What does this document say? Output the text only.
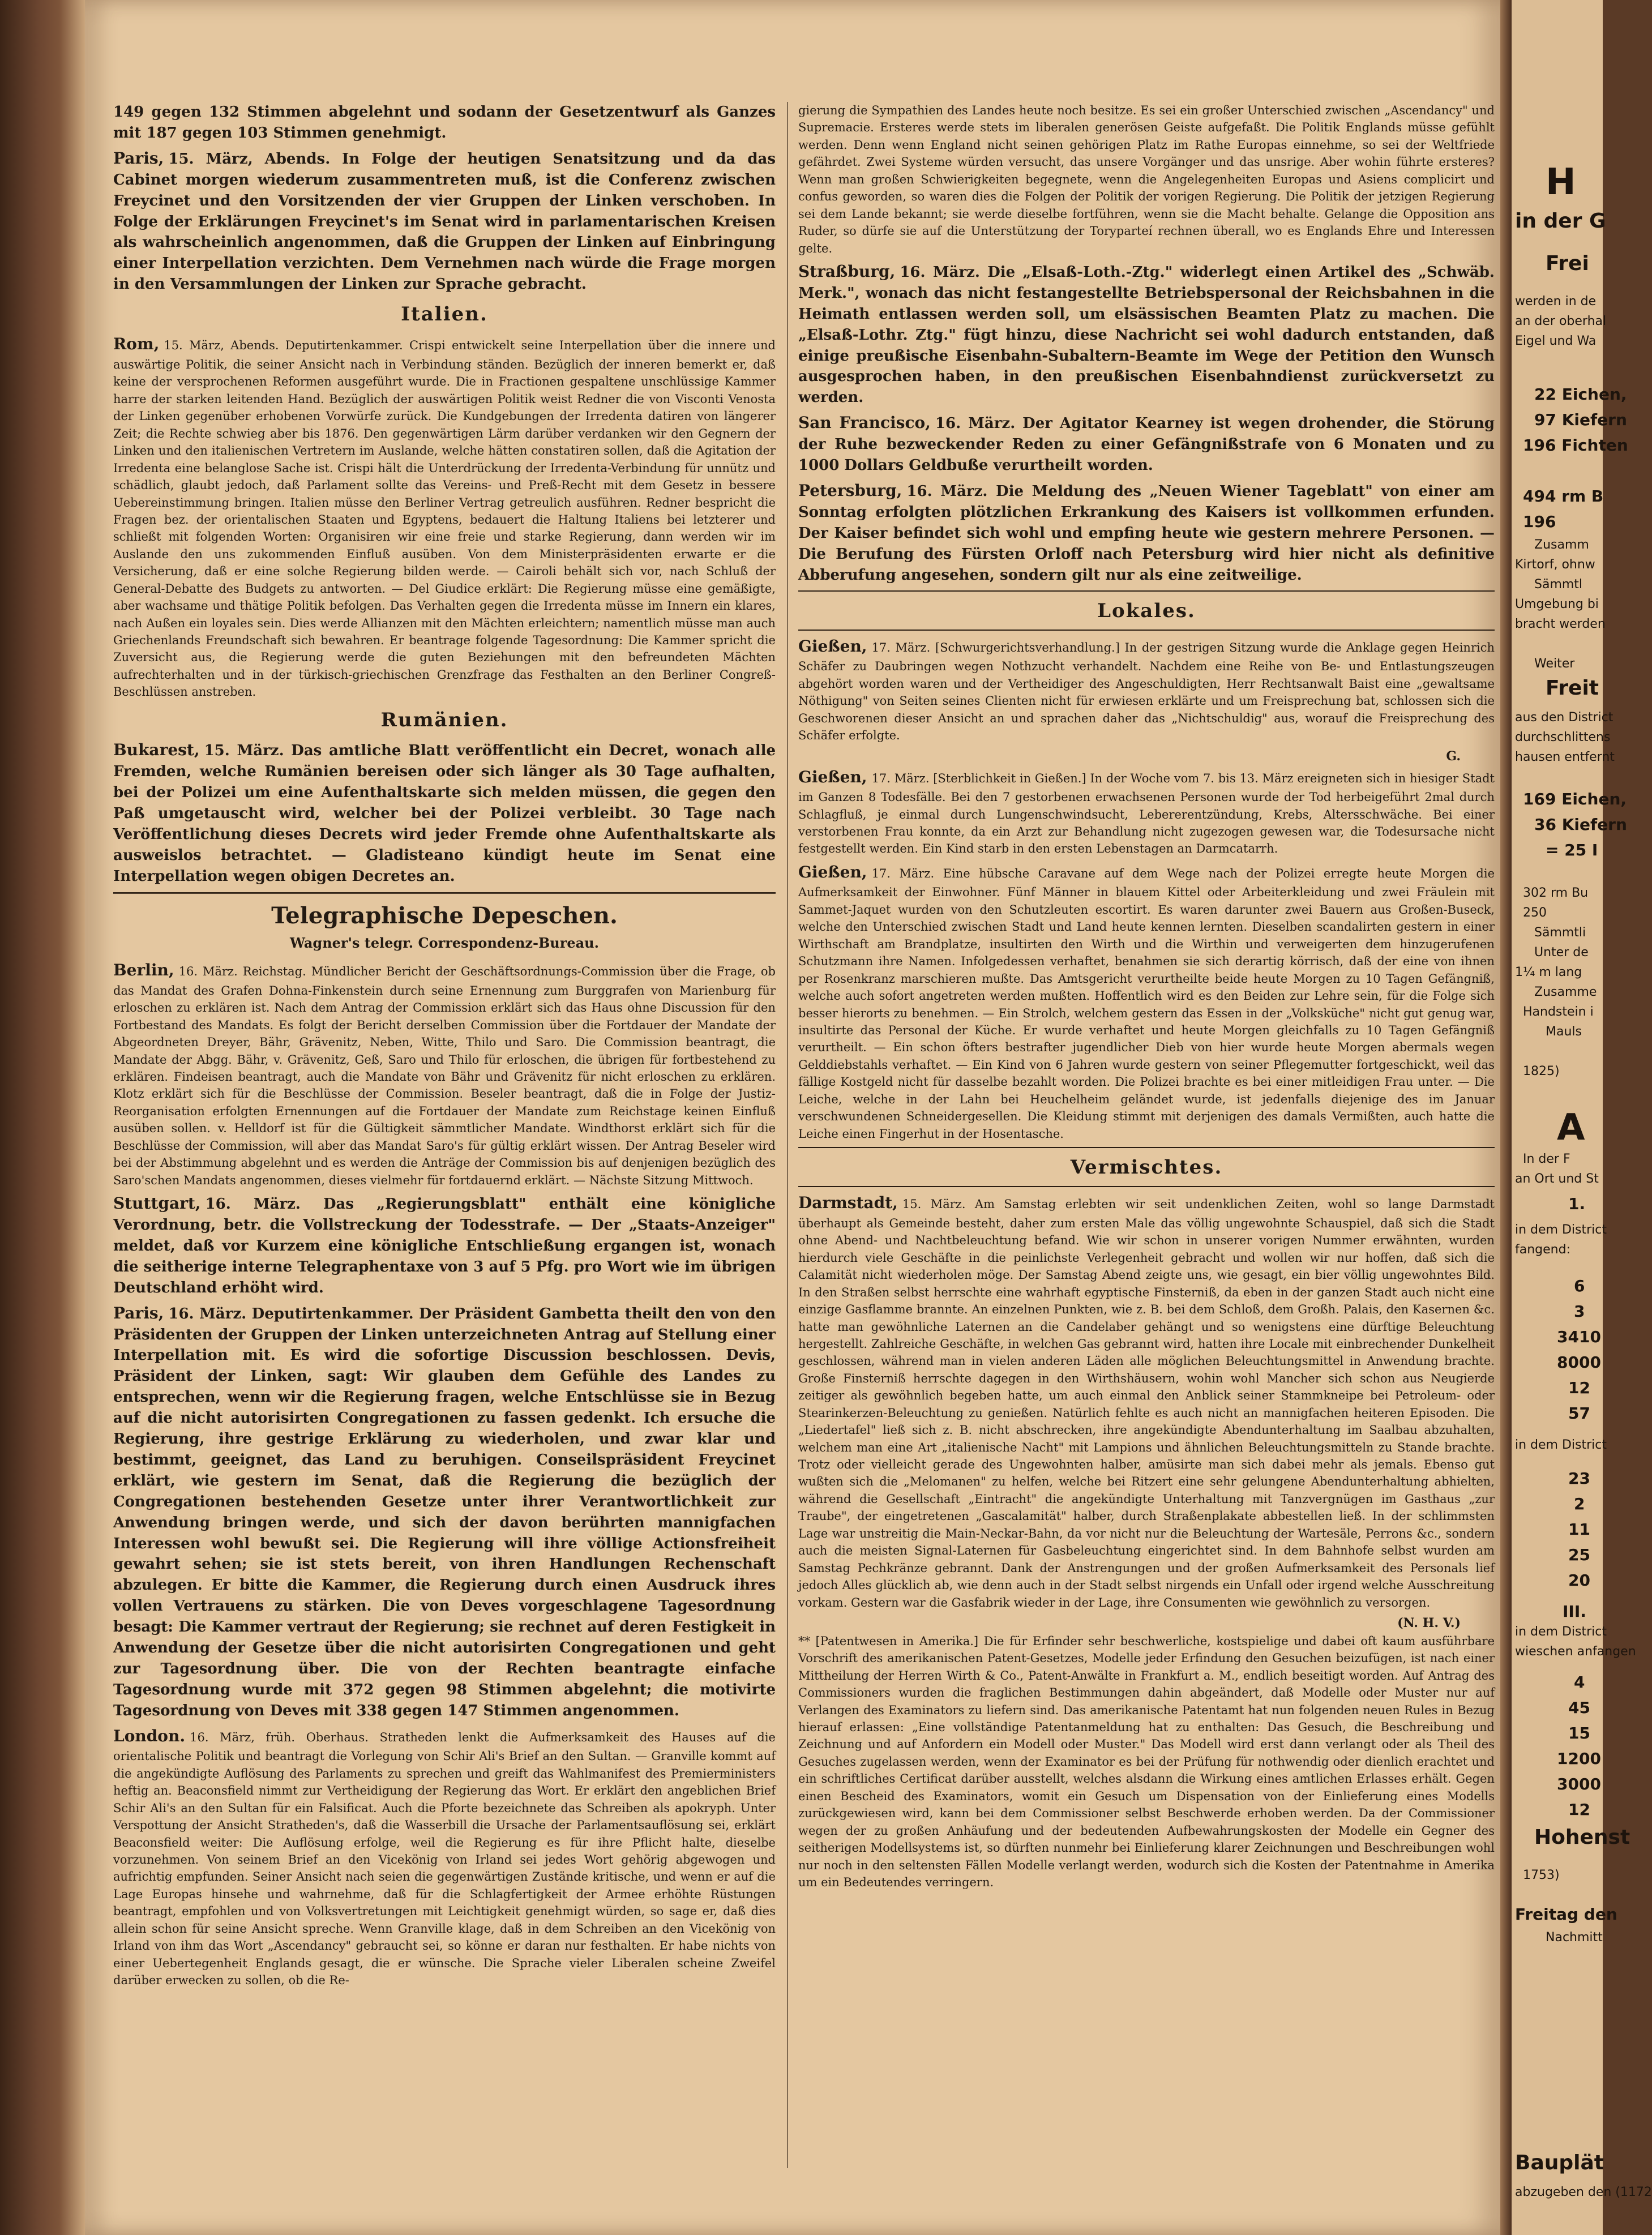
149 gegen 132 Stimmen abgelehnt und sodann der Gesetzentwurf als Ganzes mit 187 gegen 103 Stimmen genehmigt.

Paris, 15. März, Abends. In Folge der heutigen Senatsitzung und da das Cabinet morgen wiederum zusammentreten muß, ist die Conferenz zwischen Freycinet und den Vorsitzenden der vier Gruppen der Linken verschoben. In Folge der Erklärungen Freycinet's im Senat wird in parlamentarischen Kreisen als wahrscheinlich angenommen, daß die Gruppen der Linken auf Einbringung einer Interpellation verzichten. Dem Vernehmen nach würde die Frage morgen in den Versammlungen der Linken zur Sprache gebracht.

Italien.

Rom, 15. März, Abends. Deputirtenkammer. Crispi entwickelt seine Interpellation über die innere und auswärtige Politik, die seiner Ansicht nach in Verbindung ständen. Bezüglich der inneren bemerkt er, daß keine der versprochenen Reformen ausgeführt wurde. Die in Fractionen gespaltene unschlüssige Kammer harre der starken leitenden Hand. Bezüglich der auswärtigen Politik weist Redner die von Visconti Venosta der Linken gegenüber erhobenen Vorwürfe zurück. Die Kundgebungen der Irredenta datiren von längerer Zeit; die Rechte schwieg aber bis 1876. Den gegenwärtigen Lärm darüber verdanken wir den Gegnern der Linken und den italienischen Vertretern im Auslande, welche hätten constatiren sollen, daß die Agitation der Irredenta eine belanglose Sache ist. Crispi hält die Unterdrückung der Irredenta-Verbindung für unnütz und schädlich, glaubt jedoch, daß Parlament sollte das Vereins- und Preß-Recht mit dem Gesetz in bessere Uebereinstimmung bringen. Italien müsse den Berliner Vertrag getreulich ausführen. Redner bespricht die Fragen bez. der orientalischen Staaten und Egyptens, bedauert die Haltung Italiens bei letzterer und schließt mit folgenden Worten: Organisiren wir eine freie und starke Regierung, dann werden wir im Auslande den uns zukommenden Einfluß ausüben. Von dem Ministerpräsidenten erwarte er die Versicherung, daß er eine solche Regierung bilden werde. — Cairoli behält sich vor, nach Schluß der General-Debatte des Budgets zu antworten. — Del Giudice erklärt: Die Regierung müsse eine gemäßigte, aber wachsame und thätige Politik befolgen. Das Verhalten gegen die Irredenta müsse im Innern ein klares, nach Außen ein loyales sein. Dies werde Allianzen mit den Mächten erleichtern; namentlich müsse man auch Griechenlands Freundschaft sich bewahren. Er beantrage folgende Tagesordnung: Die Kammer spricht die Zuversicht aus, die Regierung werde die guten Beziehungen mit den befreundeten Mächten aufrechterhalten und in der türkisch-griechischen Grenzfrage das Festhalten an den Berliner Congreß-Beschlüssen anstreben.

Rumänien.

Bukarest, 15. März. Das amtliche Blatt veröffentlicht ein Decret, wonach alle Fremden, welche Rumänien bereisen oder sich länger als 30 Tage aufhalten, bei der Polizei um eine Aufenthaltskarte sich melden müssen, die gegen den Paß umgetauscht wird, welcher bei der Polizei verbleibt. 30 Tage nach Veröffentlichung dieses Decrets wird jeder Fremde ohne Aufenthaltskarte als ausweislos betrachtet. — Gladisteano kündigt heute im Senat eine Interpellation wegen obigen Decretes an.

Telegraphische Depeschen.
Wagner's telegr. Correspondenz-Bureau.

Berlin, 16. März. Reichstag. Mündlicher Bericht der Geschäftsordnungs-Commission über die Frage, ob das Mandat des Grafen Dohna-Finkenstein durch seine Ernennung zum Burggrafen von Marienburg für erloschen zu erklären ist. Nach dem Antrag der Commission erklärt sich das Haus ohne Discussion für den Fortbestand des Mandats. Es folgt der Bericht derselben Commission über die Fortdauer der Mandate der Abgeordneten Dreyer, Bähr, Grävenitz, Neben, Witte, Thilo und Saro. Die Commission beantragt, die Mandate der Abgg. Bähr, v. Grävenitz, Geß, Saro und Thilo für erloschen, die übrigen für fortbestehend zu erklären. Findeisen beantragt, auch die Mandate von Bähr und Grävenitz für nicht erloschen zu erklären. Klotz erklärt sich für die Beschlüsse der Commission. Beseler beantragt, daß die in Folge der Justiz-Reorganisation erfolgten Ernennungen auf die Fortdauer der Mandate zum Reichstage keinen Einfluß ausüben sollen. v. Helldorf ist für die Gültigkeit sämmtlicher Mandate. Windthorst erklärt sich für die Beschlüsse der Commission, will aber das Mandat Saro's für gültig erklärt wissen. Der Antrag Beseler wird bei der Abstimmung abgelehnt und es werden die Anträge der Commission bis auf denjenigen bezüglich des Saro'schen Mandats angenommen, dieses vielmehr für fortdauernd erklärt. — Nächste Sitzung Mittwoch.

Stuttgart, 16. März. Das „Regierungsblatt" enthält eine königliche Verordnung, betr. die Vollstreckung der Todesstrafe. — Der „Staats-Anzeiger" meldet, daß vor Kurzem eine königliche Entschließung ergangen ist, wonach die seitherige interne Telegraphentaxe von 3 auf 5 Pfg. pro Wort wie im übrigen Deutschland erhöht wird.

Paris, 16. März. Deputirtenkammer. Der Präsident Gambetta theilt den von den Präsidenten der Gruppen der Linken unterzeichneten Antrag auf Stellung einer Interpellation mit. Es wird die sofortige Discussion beschlossen. Devis, Präsident der Linken, sagt: Wir glauben dem Gefühle des Landes zu entsprechen, wenn wir die Regierung fragen, welche Entschlüsse sie in Bezug auf die nicht autorisirten Congregationen zu fassen gedenkt. Ich ersuche die Regierung, ihre gestrige Erklärung zu wiederholen, und zwar klar und bestimmt, geeignet, das Land zu beruhigen. Conseilspräsident Freycinet erklärt, wie gestern im Senat, daß die Regierung die bezüglich der Congregationen bestehenden Gesetze unter ihrer Verantwortlichkeit zur Anwendung bringen werde, und sich der davon berührten mannigfachen Interessen wohl bewußt sei. Die Regierung will ihre völlige Actionsfreiheit gewahrt sehen; sie ist stets bereit, von ihren Handlungen Rechenschaft abzulegen. Er bitte die Kammer, die Regierung durch einen Ausdruck ihres vollen Vertrauens zu stärken. Die von Deves vorgeschlagene Tagesordnung besagt: Die Kammer vertraut der Regierung; sie rechnet auf deren Festigkeit in Anwendung der Gesetze über die nicht autorisirten Congregationen und geht zur Tagesordnung über. Die von der Rechten beantragte einfache Tagesordnung wurde mit 372 gegen 98 Stimmen abgelehnt; die motivirte Tagesordnung von Deves mit 338 gegen 147 Stimmen angenommen.

London. 16. März, früh. Oberhaus. Stratheden lenkt die Aufmerksamkeit des Hauses auf die orientalische Politik und beantragt die Vorlegung von Schir Ali's Brief an den Sultan. — Granville kommt auf die angekündigte Auflösung des Parlaments zu sprechen und greift das Wahlmanifest des Premierministers heftig an. Beaconsfield nimmt zur Vertheidigung der Regierung das Wort. Er erklärt den angeblichen Brief Schir Ali's an den Sultan für ein Falsificat. Auch die Pforte bezeichnete das Schreiben als apokryph. Unter Verspottung der Ansicht Stratheden's, daß die Wasserbill die Ursache der Parlamentsauflösung sei, erklärt Beaconsfield weiter: Die Auflösung erfolge, weil die Regierung es für ihre Pflicht halte, dieselbe vorzunehmen. Von seinem Brief an den Vicekönig von Irland sei jedes Wort gehörig abgewogen und aufrichtig empfunden. Seiner Ansicht nach seien die gegenwärtigen Zustände kritische, und wenn er auf die Lage Europas hinsehe und wahrnehme, daß für die Schlagfertigkeit der Armee erhöhte Rüstungen beantragt, empfohlen und von Volksvertretungen mit Leichtigkeit genehmigt würden, so sage er, daß dies allein schon für seine Ansicht spreche. Wenn Granville klage, daß in dem Schreiben an den Vicekönig von Irland von ihm das Wort „Ascendancy" gebraucht sei, so könne er daran nur festhalten. Er habe nichts von einer Uebertegenheit Englands gesagt, die er wünsche. Die Sprache vieler Liberalen scheine Zweifel darüber erwecken zu sollen, ob die Re-

gierung die Sympathien des Landes heute noch besitze. Es sei ein großer Unterschied zwischen „Ascendancy" und Supremacie. Ersteres werde stets im liberalen generösen Geiste aufgefaßt. Die Politik Englands müsse gefühlt werden. Denn wenn England nicht seinen gehörigen Platz im Rathe Europas einnehme, so sei der Weltfriede gefährdet. Zwei Systeme würden versucht, das unsere Vorgänger und das unsrige. Aber wohin führte ersteres? Wenn man großen Schwierigkeiten begegnete, wenn die Angelegenheiten Europas und Asiens complicirt und confus geworden, so waren dies die Folgen der Politik der vorigen Regierung. Die Politik der jetzigen Regierung sei dem Lande bekannt; sie werde dieselbe fortführen, wenn sie die Macht behalte. Gelange die Opposition ans Ruder, so dürfe sie auf die Unterstützung der Toryparteí rechnen überall, wo es Englands Ehre und Interessen gelte.

Straßburg, 16. März. Die „Elsaß-Loth.-Ztg." widerlegt einen Artikel des „Schwäb. Merk.", wonach das nicht festangestellte Betriebspersonal der Reichsbahnen in die Heimath entlassen werden soll, um elsässischen Beamten Platz zu machen. Die „Elsaß-Lothr. Ztg." fügt hinzu, diese Nachricht sei wohl dadurch entstanden, daß einige preußische Eisenbahn-Subaltern-Beamte im Wege der Petition den Wunsch ausgesprochen haben, in den preußischen Eisenbahndienst zurückversetzt zu werden.

San Francisco, 16. März. Der Agitator Kearney ist wegen drohender, die Störung der Ruhe bezweckender Reden zu einer Gefängnißstrafe von 6 Monaten und zu 1000 Dollars Geldbuße verurtheilt worden.

Petersburg, 16. März. Die Meldung des „Neuen Wiener Tageblatt" von einer am Sonntag erfolgten plötzlichen Erkrankung des Kaisers ist vollkommen erfunden. Der Kaiser befindet sich wohl und empfing heute wie gestern mehrere Personen. — Die Berufung des Fürsten Orloff nach Petersburg wird hier nicht als definitive Abberufung angesehen, sondern gilt nur als eine zeitweilige.

Lokales.

Gießen, 17. März. [Schwurgerichtsverhandlung.] In der gestrigen Sitzung wurde die Anklage gegen Heinrich Schäfer zu Daubringen wegen Nothzucht verhandelt. Nachdem eine Reihe von Be- und Entlastungszeugen abgehört worden waren und der Vertheidiger des Angeschuldigten, Herr Rechtsanwalt Baist eine „gewaltsame Nöthigung" von Seiten seines Clienten nicht für erwiesen erklärte und um Freisprechung bat, schlossen sich die Geschworenen dieser Ansicht an und sprachen daher das „Nichtschuldig" aus, worauf die Freisprechung des Schäfer erfolgte.

G.

Gießen, 17. März. [Sterblichkeit in Gießen.] In der Woche vom 7. bis 13. März ereigneten sich in hiesiger Stadt im Ganzen 8 Todesfälle. Bei den 7 gestorbenen erwachsenen Personen wurde der Tod herbeigeführt 2mal durch Schlagfluß, je einmal durch Lungenschwindsucht, Lebererentzündung, Krebs, Altersschwäche. Bei einer verstorbenen Frau konnte, da ein Arzt zur Behandlung nicht zugezogen gewesen war, die Todesursache nicht festgestellt werden. Ein Kind starb in den ersten Lebenstagen an Darmcatarrh.

Gießen, 17. März. Eine hübsche Caravane auf dem Wege nach der Polizei erregte heute Morgen die Aufmerksamkeit der Einwohner. Fünf Männer in blauem Kittel oder Arbeiterkleidung und zwei Fräulein mit Sammet-Jaquet wurden von den Schutzleuten escortirt. Es waren darunter zwei Bauern aus Großen-Buseck, welche den Unterschied zwischen Stadt und Land heute kennen lernten. Dieselben scandalirten gestern in einer Wirthschaft am Brandplatze, insultirten den Wirth und die Wirthin und verweigerten dem hinzugerufenen Schutzmann ihre Namen. Infolgedessen verhaftet, benahmen sie sich derartig körrisch, daß der eine von ihnen per Rosenkranz marschieren mußte. Das Amtsgericht verurtheilte beide heute Morgen zu 10 Tagen Gefängniß, welche auch sofort angetreten werden mußten. Hoffentlich wird es den Beiden zur Lehre sein, für die Folge sich besser hierorts zu benehmen. — Ein Strolch, welchem gestern das Essen in der „Volksküche" nicht gut genug war, insultirte das Personal der Küche. Er wurde verhaftet und heute Morgen gleichfalls zu 10 Tagen Gefängniß verurtheilt. — Ein schon öfters bestrafter jugendlicher Dieb von hier wurde heute Morgen abermals wegen Gelddiebstahls verhaftet. — Ein Kind von 6 Jahren wurde gestern von seiner Pflegemutter fortgeschickt, weil das fällige Kostgeld nicht für dasselbe bezahlt worden. Die Polizei brachte es bei einer mitleidigen Frau unter. — Die Leiche, welche in der Lahn bei Heuchelheim geländet wurde, ist jedenfalls diejenige des im Januar verschwundenen Schneidergesellen. Die Kleidung stimmt mit derjenigen des damals Vermißten, auch hatte die Leiche einen Fingerhut in der Hosentasche.

Vermischtes.

Darmstadt, 15. März. Am Samstag erlebten wir seit undenklichen Zeiten, wohl so lange Darmstadt überhaupt als Gemeinde besteht, daher zum ersten Male das völlig ungewohnte Schauspiel, daß sich die Stadt ohne Abend- und Nachtbeleuchtung befand. Wie wir schon in unserer vorigen Nummer erwähnten, wurden hierdurch viele Geschäfte in die peinlichste Verlegenheit gebracht und wollen wir nur hoffen, daß sich die Calamität nicht wiederholen möge. Der Samstag Abend zeigte uns, wie gesagt, ein bier völlig ungewohntes Bild. In den Straßen selbst herrschte eine wahrhaft egyptische Finsterniß, da eben in der ganzen Stadt auch nicht eine einzige Gasflamme brannte. An einzelnen Punkten, wie z. B. bei dem Schloß, dem Großh. Palais, den Kasernen &c. hatte man gewöhnliche Laternen an die Candelaber gehängt und so wenigstens eine dürftige Beleuchtung hergestellt. Zahlreiche Geschäfte, in welchen Gas gebrannt wird, hatten ihre Locale mit einbrechender Dunkelheit geschlossen, während man in vielen anderen Läden alle möglichen Beleuchtungsmittel in Anwendung brachte. Große Finsterniß herrschte dagegen in den Wirthshäusern, wohin wohl Mancher sich schon aus Neugierde zeitiger als gewöhnlich begeben hatte, um auch einmal den Anblick seiner Stammkneipe bei Petroleum- oder Stearinkerzen-Beleuchtung zu genießen. Natürlich fehlte es auch nicht an mannigfachen heiteren Episoden. Die „Liedertafel" ließ sich z. B. nicht abschrecken, ihre angekündigte Abendunterhaltung im Saalbau abzuhalten, welchem man eine Art „italienische Nacht" mit Lampions und ähnlichen Beleuchtungsmitteln zu Stande brachte. Trotz oder vielleicht gerade des Ungewohnten halber, amüsirte man sich dabei mehr als jemals. Ebenso gut wußten sich die „Melomanen" zu helfen, welche bei Ritzert eine sehr gelungene Abendunterhaltung abhielten, während die Gesellschaft „Eintracht" die angekündigte Unterhaltung mit Tanzvergnügen im Gasthaus „zur Traube", der eingetretenen „Gascalamität" halber, durch Straßenplakate abbestellen ließ. In der schlimmsten Lage war unstreitig die Main-Neckar-Bahn, da vor nicht nur die Beleuchtung der Wartesäle, Perrons &c., sondern auch die meisten Signal-Laternen für Gasbeleuchtung eingerichtet sind. In dem Bahnhofe selbst wurden am Samstag Pechkränze gebrannt. Dank der Anstrengungen und der großen Aufmerksamkeit des Personals lief jedoch Alles glücklich ab, wie denn auch in der Stadt selbst nirgends ein Unfall oder irgend welche Ausschreitung vorkam. Gestern war die Gasfabrik wieder in der Lage, ihre Consumenten wie gewöhnlich zu versorgen.

(N. H. V.)

** [Patentwesen in Amerika.] Die für Erfinder sehr beschwerliche, kostspielige und dabei oft kaum ausführbare Vorschrift des amerikanischen Patent-Gesetzes, Modelle jeder Erfindung den Gesuchen beizufügen, ist nach einer Mittheilung der Herren Wirth & Co., Patent-Anwälte in Frankfurt a. M., endlich beseitigt worden. Auf Antrag des Commissioners wurden die fraglichen Bestimmungen dahin abgeändert, daß Modelle oder Muster nur auf Verlangen des Examinators zu liefern sind. Das amerikanische Patentamt hat nun folgenden neuen Rules in Bezug hierauf erlassen: „Eine vollständige Patentanmeldung hat zu enthalten: Das Gesuch, die Beschreibung und Zeichnung und auf Anfordern ein Modell oder Muster." Das Modell wird erst dann verlangt oder als Theil des Gesuches zugelassen werden, wenn der Examinator es bei der Prüfung für nothwendig oder dienlich erachtet und ein schriftliches Certificat darüber ausstellt, welches alsdann die Wirkung eines amtlichen Erlasses erhält. Gegen einen Bescheid des Examinators, womit ein Gesuch um Dispensation von der Einlieferung eines Modells zurückgewiesen wird, kann bei dem Commissioner selbst Beschwerde erhoben werden. Da der Commissioner wegen der zu großen Anhäufung und der bedeutenden Aufbewahrungskosten der Modelle ein Gegner des seitherigen Modellsystems ist, so dürften nunmehr bei Einlieferung klarer Zeichnungen und Beschreibungen wohl nur noch in den seltensten Fällen Modelle verlangt werden, wodurch sich die Kosten der Patentnahme in Amerika um ein Bedeutendes verringern.

H
in der G
Frei
werden in de
an der oberhal
Eigel und Wa
22 Eichen,
97 Kiefern
196 Fichten
494 rm B
196
Zusamm
Kirtorf, ohnw
Sämmtl
Umgebung bi
bracht werden
Weiter
Freit
aus den District
durchschlittens
hausen entfernt
169 Eichen,
36 Kiefern
= 25 I
302 rm Bu
250
Sämmtli
Unter de
1¼ m lang
Zusamme
Handstein i
Mauls
1825)
A
In der F
an Ort und St
1.
in dem District
fangend:
6
3
3410
8000
12
57
in dem District
23
2
11
25
20
III.
in dem District
wieschen anfangen
4
45
15
1200
3000
12
Hohenst
1753)
Freitag den
Nachmitt
Bauplät
abzugeben den (1172
